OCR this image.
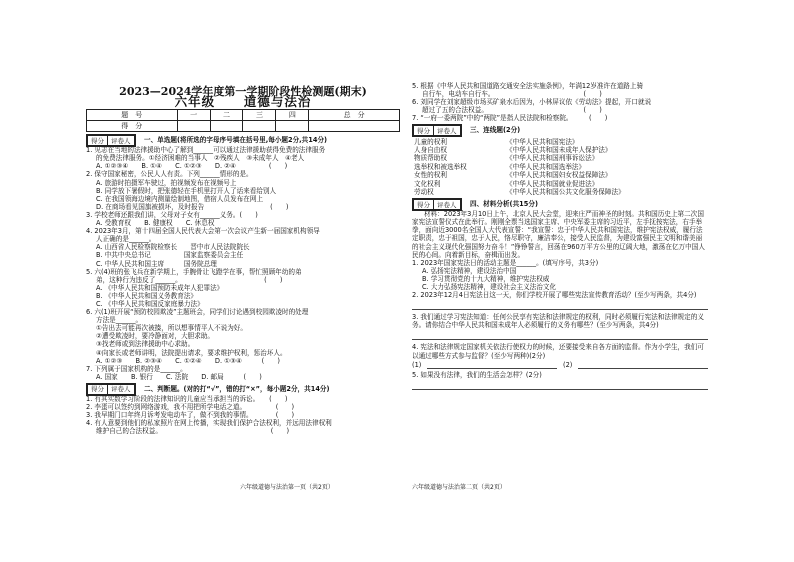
2023—2024学年度第一学期阶段性检测题(期末)
六年级 道德与法治
题　号	一	二	三	四	总　分
得　分					
得分	评卷人 一、单选题(将所选的字母序号填在括号里,每小题2分,共14分)
1. 见志在当地的法律援助中心了解到______可以通过法律援助获得免费的法律服务
的免费法律服务。①经济困难的当事人　②残疾人　③未成年人　④老人
A. ①②③④　　B. ①④　　C. ①②③　　D. ②④　　　　　(　　)
2. 保守国家秘密，公民人人有责。下列______情形的是。
A. 旅游时拍摄军车驶过，拍视频发布在视频号上
B. 同学放下暑假时，把张德轻在手机里打开人了话来看给别人
C. 在我国领海边境内测量绘制地图，借宿人员发布在网上
D. 在商场看见国旗被损坏，及时报告　　　　　　　　　　(　　)
3. 学校老师还跟我们讲，父母对子女有______义务。(　　)
A. 受教育权　　B. 健康权　　C. 休息权
4. 2023年3月，第十四届全国人民代表大会第一次会议产生新一届国家机构领导
人正确的是______。
A. 山西省人民检察院检察长　　晋中市人民法院院长
B. 中共中央总书记　　　　　国家监察委员会主任
C. 中华人民共和国主席　　　国务院总理
5. 六(4)班的张飞兵在新学期上，手腕骨让飞蹬学在事，帮忙照顾年幼的弟
弟，这种行为违反了______。　　　　　　　　　　　　　(　　)
A. 《中华人民共和国预防未成年人犯罪法》
B. 《中华人民共和国义务教育法》
C. 《中华人民共和国反家庭暴力法》
6. 六(1)班开展“预防校园欺凌”主题班会，同学们讨论遇到校园欺凌时的处理
方法是______。
①告出去可能再次被揍，所以想事情平人不说为好。
②遭受欺凌时，要冷静面对，大胆求助。
③找老师或到法律援助中心求助。
④向家长或老师讲明，法院提出请求，要求维护权利，惩治坏人。
A. ①②③　　B. ②③④　　C. ①②④　　D. ①③④　　　(　　)
7. 下列属于国家机构的是______。
A. 国家　　B. 银行　　C. 法院　　D. 邮局　　　(　　)
得分	评卷人 二、判断题。(对的打“√”，错的打“×”，每小题2分，共14分)
1. 有其实数学习阶段的法律知识的儿童应当承担当的诉讼。　　(　　)
2. 李蛋可以签约到网络游戏，我不用把所学电话之道。　　　　　(　　)
3. 我早期门口年终月诉考发电动车了，做不到我的事情。　　　　(　　)
4. 有人意要到他们的私家照片在网上传播，实现我们保护合法权利，并远用法律权利
维护自己的合法权益。　　　　　　　　　　　　　　　　　(　　)
六年级道德与法治第一页（共2页）
5. 根据《中华人民共和国道路交通安全法实施条例》，年满12岁准许在道路上骑
自行车，电动车自行车。　　　　　　　　　　　　　　(　　)
6. 刘同学在刘家超级市场买矿泉水后因为，小林屏议依《劳动法》提起，开口就说
超过了五的合法权益。　　　　　　　　　　　　　　　(　　)
7. “一府一委两院”中的“两院”是指人民法院和检察院。　　　(　　)
得分	评卷人 三、连线题(2分)
儿童的权利	《中华人民共和国宪法》
人身自由权	《中华人民共和国未成年人保护法》
物质帮助权	《中华人民共和国刑事诉讼法》
选举权和被选举权	《中华人民共和国选举法》
女性的权利	《中华人民共和国妇女权益保障法》
文化权利	《中华人民共和国就业促进法》
劳动权	《中华人民共和国公共文化服务保障法》
得分	评卷人 四、材料分析(共15分)
材料：2023年3月10日上午，北京人民大会堂，迎来庄严而神圣的时刻。共和国历史上第二次国家宪法宣誓仪式在此举行。刚刚全票当选国家主席、中央军委主席的习近平，左手抚按宪法，右手举拳，面向近3000名全国人大代表宣誓：“我宣誓：忠于中华人民共和国宪法，维护宪法权威，履行法定职责，忠于祖国，忠于人民，恪尽职守，廉洁奉公，接受人民监督，为建设富强民主文明和谐美丽的社会主义现代化强国努力奋斗！”铮铮誓言，回荡在960万平方公里的辽阔大地，激荡在亿万中国人民的心间。向着新目标，奋楫而出发。
1. 2023年国家宪法日的活动主题是______。(填写序号，共3分)
A. 弘扬宪法精神，建设法治中国
B. 学习贯彻党的十九大精神，维护宪法权威
C. 大力弘扬宪法精神，建设社会主义法治文化
2. 2023年12月4日宪法日这一天，你们学校开展了哪些宪法宣传教育活动？(至少写两条，共4分)
3. 我们通过学习宪法知道：任何公民享有宪法和法律规定的权利，同时必须履行宪法和法律规定的义务。请你结合中华人民共和国未成年人必须履行的义务有哪些？(至少写两条，共4分)
4. 宪法和法律规定国家机关依法行使权力的时候，还要接受来自各方面的监督。作为小学生，我们可以通过哪些方式参与监督？(至少写两种)(2分)
(1)	(2)
5. 如果没有法律，我们的生活会怎样？(2分)
六年级道德与法治第二页（共2页）
